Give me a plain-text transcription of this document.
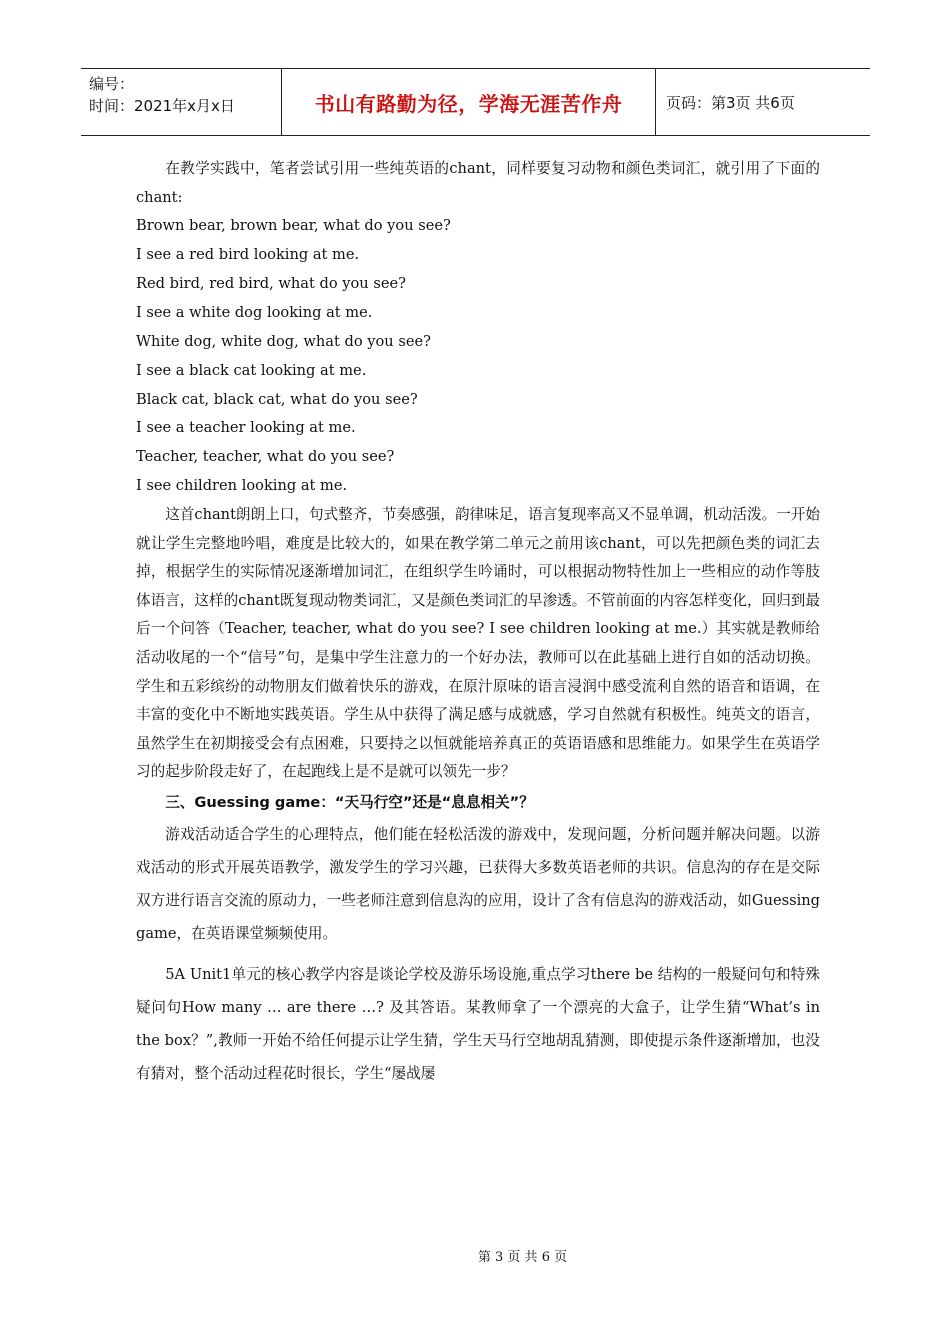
编号：
时间：2021年x月x日	书山有路勤为径，学海无涯苦作舟	页码：第3页 共6页

在教学实践中，笔者尝试引用一些纯英语的chant，同样要复习动物和颜色类词汇，就引用了下面的chant:

Brown bear, brown bear, what do you see?

I see a red bird looking at me.

Red bird, red bird, what do you see?

I see a white dog looking at me.

White dog, white dog, what do you see?

I see a black cat looking at me.

Black cat, black cat, what do you see?

I see a teacher looking at me.

Teacher, teacher, what do you see?

I see children looking at me.

这首chant朗朗上口，句式整齐，节奏感强，韵律味足，语言复现率高又不显单调，机动活泼。一开始就让学生完整地吟唱，难度是比较大的，如果在教学第二单元之前用该chant，可以先把颜色类的词汇去掉，根据学生的实际情况逐渐增加词汇，在组织学生吟诵时，可以根据动物特性加上一些相应的动作等肢体语言，这样的chant既复现动物类词汇，又是颜色类词汇的早渗透。不管前面的内容怎样变化，回归到最后一个问答（Teacher, teacher, what do you see? I see children looking at me.）其实就是教师给活动收尾的一个“信号”句，是集中学生注意力的一个好办法，教师可以在此基础上进行自如的活动切换。学生和五彩缤纷的动物朋友们做着快乐的游戏，在原汁原味的语言浸润中感受流利自然的语音和语调，在丰富的变化中不断地实践英语。学生从中获得了满足感与成就感，学习自然就有积极性。纯英文的语言，虽然学生在初期接受会有点困难，只要持之以恒就能培养真正的英语语感和思维能力。如果学生在英语学习的起步阶段走好了，在起跑线上是不是就可以领先一步？

三、Guessing game：“天马行空”还是“息息相关”？

游戏活动适合学生的心理特点，他们能在轻松活泼的游戏中，发现问题，分析问题并解决问题。以游戏活动的形式开展英语教学，激发学生的学习兴趣，已获得大多数英语老师的共识。信息沟的存在是交际双方进行语言交流的原动力，一些老师注意到信息沟的应用，设计了含有信息沟的游戏活动，如Guessing game，在英语课堂频频使用。

5A Unit1单元的核心教学内容是谈论学校及游乐场设施,重点学习there be 结构的一般疑问句和特殊疑问句How many … are there …? 及其答语。某教师拿了一个漂亮的大盒子，让学生猜“What’s in the box？”,教师一开始不给任何提示让学生猜，学生天马行空地胡乱猜测，即使提示条件逐渐增加，也没有猜对，整个活动过程花时很长，学生“屡战屡

第 3 页 共 6 页
